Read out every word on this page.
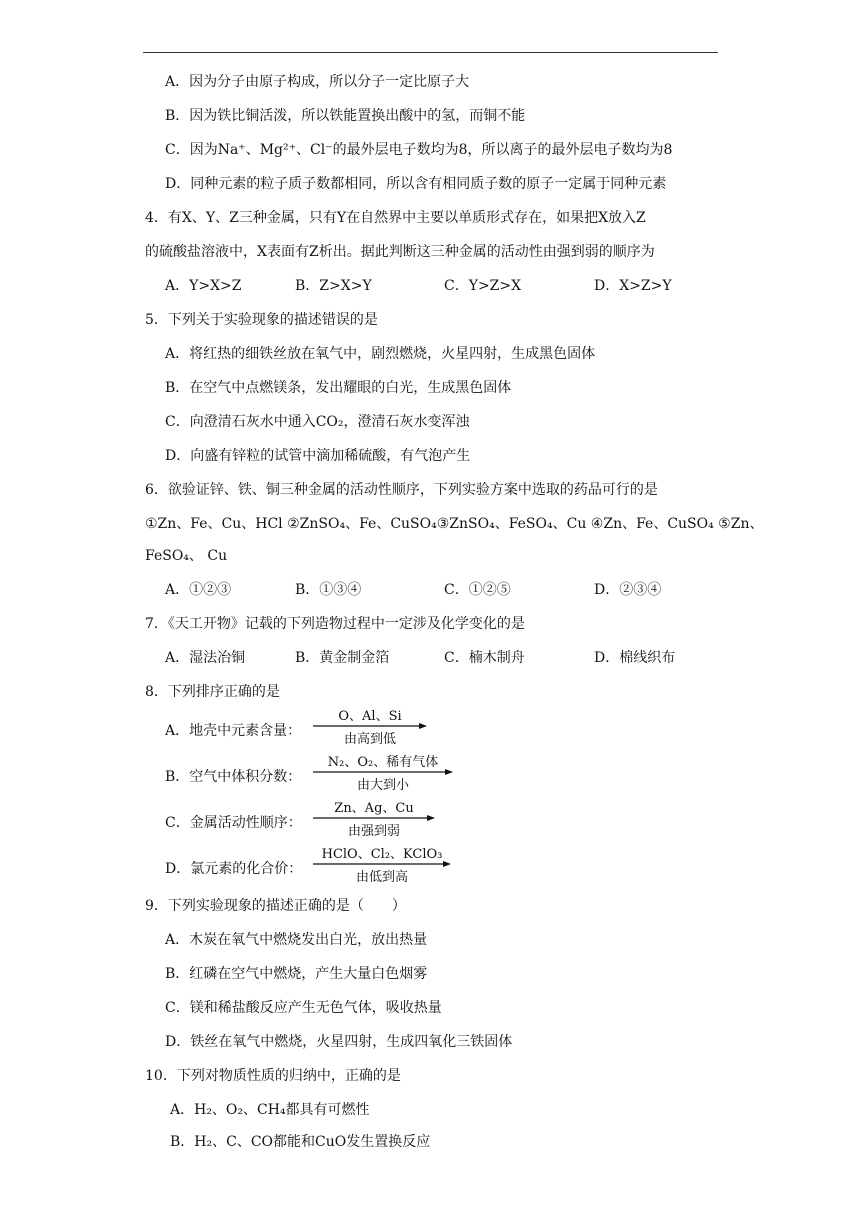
A．因为分子由原子构成，所以分子一定比原子大
B．因为铁比铜活泼，所以铁能置换出酸中的氢，而铜不能
C．因为Na⁺、Mg²⁺、Cl⁻的最外层电子数均为8，所以离子的最外层电子数均为8
D．同种元素的粒子质子数都相同，所以含有相同质子数的原子一定属于同种元素
4．有X、Y、Z三种金属，只有Y在自然界中主要以单质形式存在，如果把X放入Z
的硫酸盐溶液中，X表面有Z析出。据此判断这三种金属的活动性由强到弱的顺序为
A．Y>X>Z	B．Z>X>Y	C．Y>Z>X	D．X>Z>Y
5．下列关于实验现象的描述错误的是
A．将红热的细铁丝放在氧气中，剧烈燃烧，火星四射，生成黑色固体
B．在空气中点燃镁条，发出耀眼的白光，生成黑色固体
C．向澄清石灰水中通入CO₂，澄清石灰水变浑浊
D．向盛有锌粒的试管中滴加稀硫酸，有气泡产生
6．欲验证锌、铁、铜三种金属的活动性顺序，下列实验方案中选取的药品可行的是
①Zn、Fe、Cu、HCl ②ZnSO₄、Fe、CuSO₄③ZnSO₄、FeSO₄、Cu ④Zn、Fe、CuSO₄ ⑤Zn、
FeSO₄、 Cu
A．①②③	B．①③④	C．①②⑤	D．②③④
7．《天工开物》记载的下列造物过程中一定涉及化学变化的是
A．湿法冶铜	B．黄金制金箔	C．楠木制舟	D．棉线织布
8．下列排序正确的是
A．地壳中元素含量：
O、Al、Si
由高到低
B．空气中体积分数：
N₂、O₂、稀有气体
由大到小
C．金属活动性顺序：
Zn、Ag、Cu
由强到弱
D．氯元素的化合价：
HClO、Cl₂、KClO₃
由低到高
9．下列实验现象的描述正确的是（　　）
A．木炭在氧气中燃烧发出白光，放出热量
B．红磷在空气中燃烧，产生大量白色烟雾
C．镁和稀盐酸反应产生无色气体，吸收热量
D．铁丝在氧气中燃烧，火星四射，生成四氧化三铁固体
10．下列对物质性质的归纳中，正确的是
A．H₂、O₂、CH₄都具有可燃性
B．H₂、C、CO都能和CuO发生置换反应
